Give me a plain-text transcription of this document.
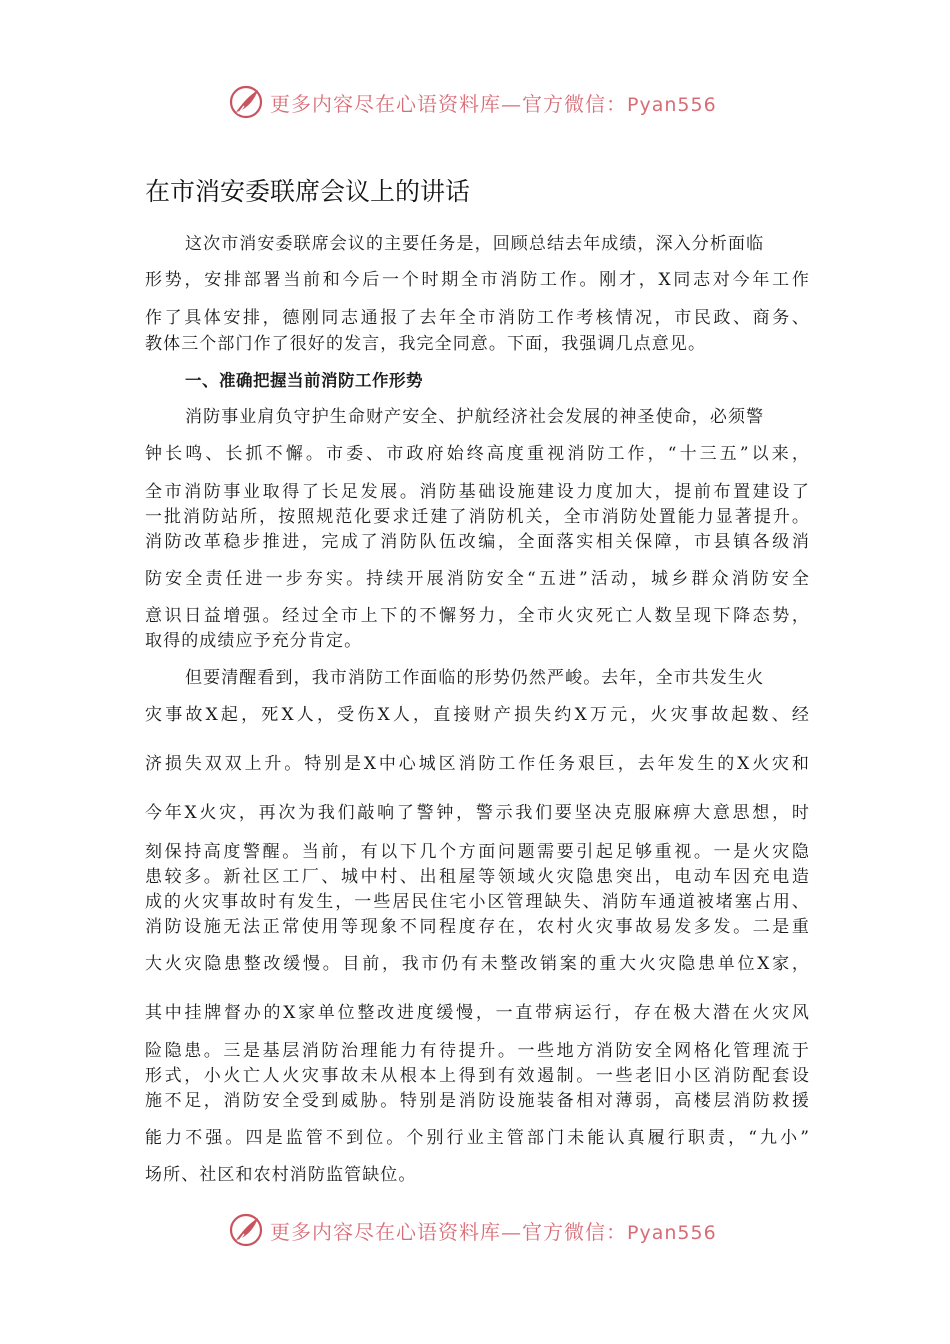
更多内容尽在心语资料库—官方微信：Pyan556
在市消安委联席会议上的讲话
这次市消安委联席会议的主要任务是，回顾总结去年成绩，深入分析面临
形势，安排部署当前和今后一个时期全市消防工作。刚才，X同志对今年工作
作了具体安排，德刚同志通报了去年全市消防工作考核情况，市民政、商务、
教体三个部门作了很好的发言，我完全同意。下面，我强调几点意见。
一、准确把握当前消防工作形势
消防事业肩负守护生命财产安全、护航经济社会发展的神圣使命，必须警
钟长鸣、长抓不懈。市委、市政府始终高度重视消防工作，“十三五”以来，
全市消防事业取得了长足发展。消防基础设施建设力度加大，提前布置建设了
一批消防站所，按照规范化要求迁建了消防机关，全市消防处置能力显著提升。
消防改革稳步推进，完成了消防队伍改编，全面落实相关保障，市县镇各级消
防安全责任进一步夯实。持续开展消防安全“五进”活动，城乡群众消防安全
意识日益增强。经过全市上下的不懈努力，全市火灾死亡人数呈现下降态势，
取得的成绩应予充分肯定。
但要清醒看到，我市消防工作面临的形势仍然严峻。去年，全市共发生火
灾事故X起，死X人，受伤X人，直接财产损失约X万元，火灾事故起数、经
济损失双双上升。特别是X中心城区消防工作任务艰巨，去年发生的X火灾和
今年X火灾，再次为我们敲响了警钟，警示我们要坚决克服麻痹大意思想，时
刻保持高度警醒。当前，有以下几个方面问题需要引起足够重视。一是火灾隐
患较多。新社区工厂、城中村、出租屋等领域火灾隐患突出，电动车因充电造
成的火灾事故时有发生，一些居民住宅小区管理缺失、消防车通道被堵塞占用、
消防设施无法正常使用等现象不同程度存在，农村火灾事故易发多发。二是重
大火灾隐患整改缓慢。目前，我市仍有未整改销案的重大火灾隐患单位X家，
其中挂牌督办的X家单位整改进度缓慢，一直带病运行，存在极大潜在火灾风
险隐患。三是基层消防治理能力有待提升。一些地方消防安全网格化管理流于
形式，小火亡人火灾事故未从根本上得到有效遏制。一些老旧小区消防配套设
施不足，消防安全受到威胁。特别是消防设施装备相对薄弱，高楼层消防救援
能力不强。四是监管不到位。个别行业主管部门未能认真履行职责，“九小”
场所、社区和农村消防监管缺位。
更多内容尽在心语资料库—官方微信：Pyan556
